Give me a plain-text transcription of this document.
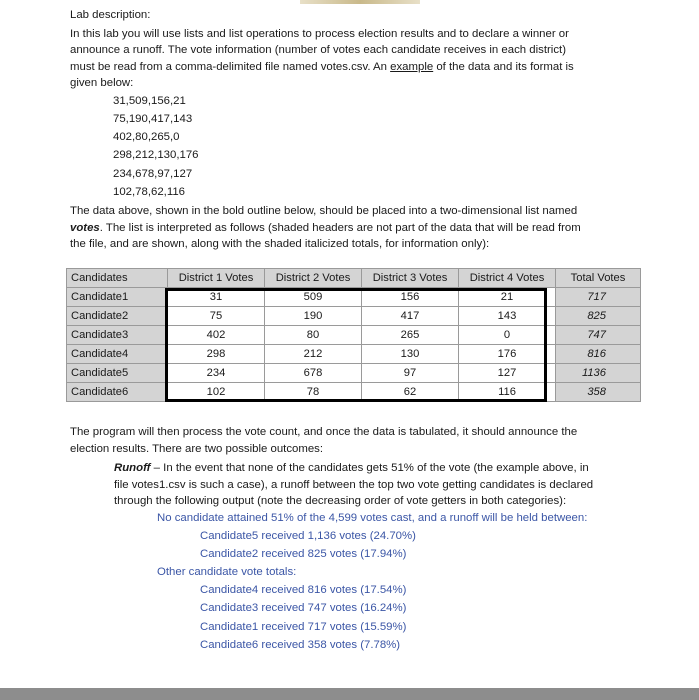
Lab description:

In this lab you will use lists and list operations to process election results and to declare a winner or

announce a runoff. The vote information (number of votes each candidate receives in each district)

must be read from a comma-delimited file named votes.csv. An example of the data and its format is

given below:

31,509,156,21
75,190,417,143
402,80,265,0
298,212,130,176
234,678,97,127
102,78,62,116

The data above, shown in the bold outline below, should be placed into a two-dimensional list named

votes. The list is interpreted as follows (shaded headers are not part of the data that will be read from

the file, and are shown, along with the shaded italicized totals, for information only):

Candidates	District 1 Votes	District 2 Votes	District 3 Votes	District 4 Votes	Total Votes
Candidate1	31	509	156	21	717
Candidate2	75	190	417	143	825
Candidate3	402	80	265	0	747
Candidate4	298	212	130	176	816
Candidate5	234	678	97	127	1136
Candidate6	102	78	62	116	358

The program will then process the vote count, and once the data is tabulated, it should announce the

election results. There are two possible outcomes:

Runoff – In the event that none of the candidates gets 51% of the vote (the example above, in

file votes1.csv is such a case), a runoff between the top two vote getting candidates is declared

through the following output (note the decreasing order of vote getters in both categories):

No candidate attained 51% of the 4,599 votes cast, and a runoff will be held between:
Candidate5 received 1,136 votes (24.70%)
Candidate2 received 825 votes (17.94%)
Other candidate vote totals:
Candidate4 received 816 votes (17.54%)
Candidate3 received 747 votes (16.24%)
Candidate1 received 717 votes (15.59%)
Candidate6 received 358 votes (7.78%)
